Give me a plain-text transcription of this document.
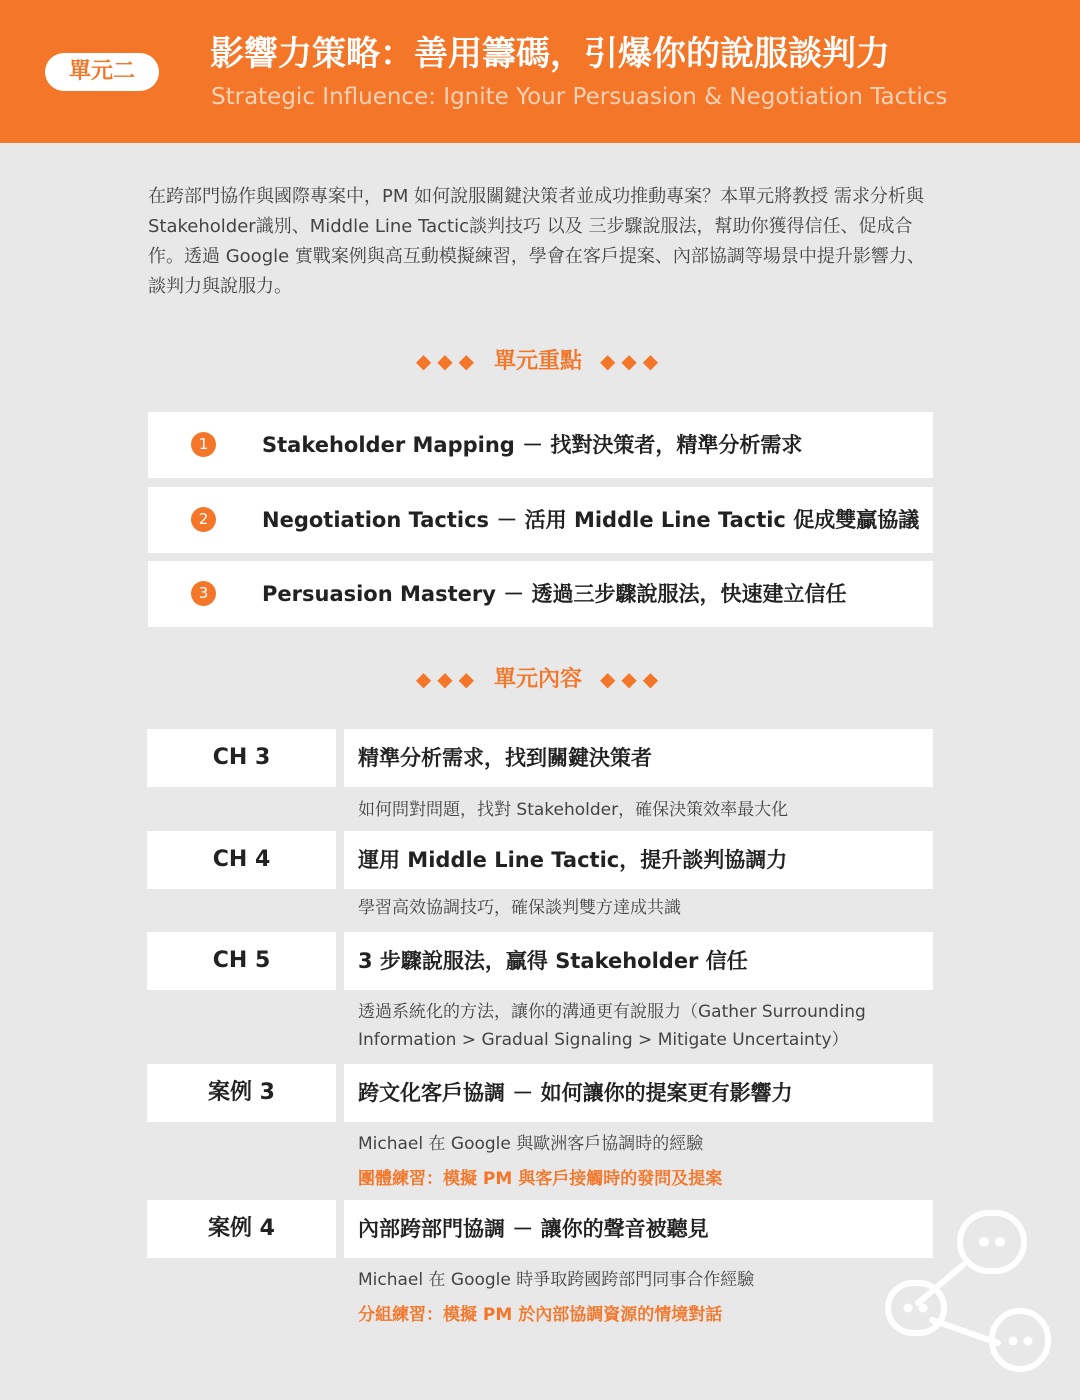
單元二	影響力策略：善用籌碼，引爆你的說服談判力
Strategic Influence: Ignite Your Persuasion & Negotiation Tactics
在跨部門協作與國際專案中，PM 如何說服關鍵決策者並成功推動專案？本單元將教授 需求分析與Stakeholder識別、Middle Line Tactic談判技巧 以及 三步驟說服法，幫助你獲得信任、促成合作。透過 Google 實戰案例與高互動模擬練習，學會在客戶提案、內部協調等場景中提升影響力、談判力與說服力。
◆◆◆ 單元重點 ◆◆◆
1	Stakeholder Mapping － 找對決策者，精準分析需求
2	Negotiation Tactics － 活用 Middle Line Tactic 促成雙贏協議
3	Persuasion Mastery － 透過三步驟說服法，快速建立信任
◆◆◆ 單元內容 ◆◆◆
CH 3	精準分析需求，找到關鍵決策者
如何問對問題，找對 Stakeholder，確保決策效率最大化
CH 4	運用 Middle Line Tactic，提升談判協調力
學習高效協調技巧，確保談判雙方達成共識
CH 5	3 步驟說服法，贏得 Stakeholder 信任
透過系統化的方法，讓你的溝通更有說服力（Gather Surrounding Information > Gradual Signaling > Mitigate Uncertainty）
案例 3	跨文化客戶協調 － 如何讓你的提案更有影響力
Michael 在 Google 與歐洲客戶協調時的經驗
團體練習：模擬 PM 與客戶接觸時的發問及提案
案例 4	內部跨部門協調 － 讓你的聲音被聽見
Michael 在 Google 時爭取跨國跨部門同事合作經驗
分組練習：模擬 PM 於內部協調資源的情境對話
